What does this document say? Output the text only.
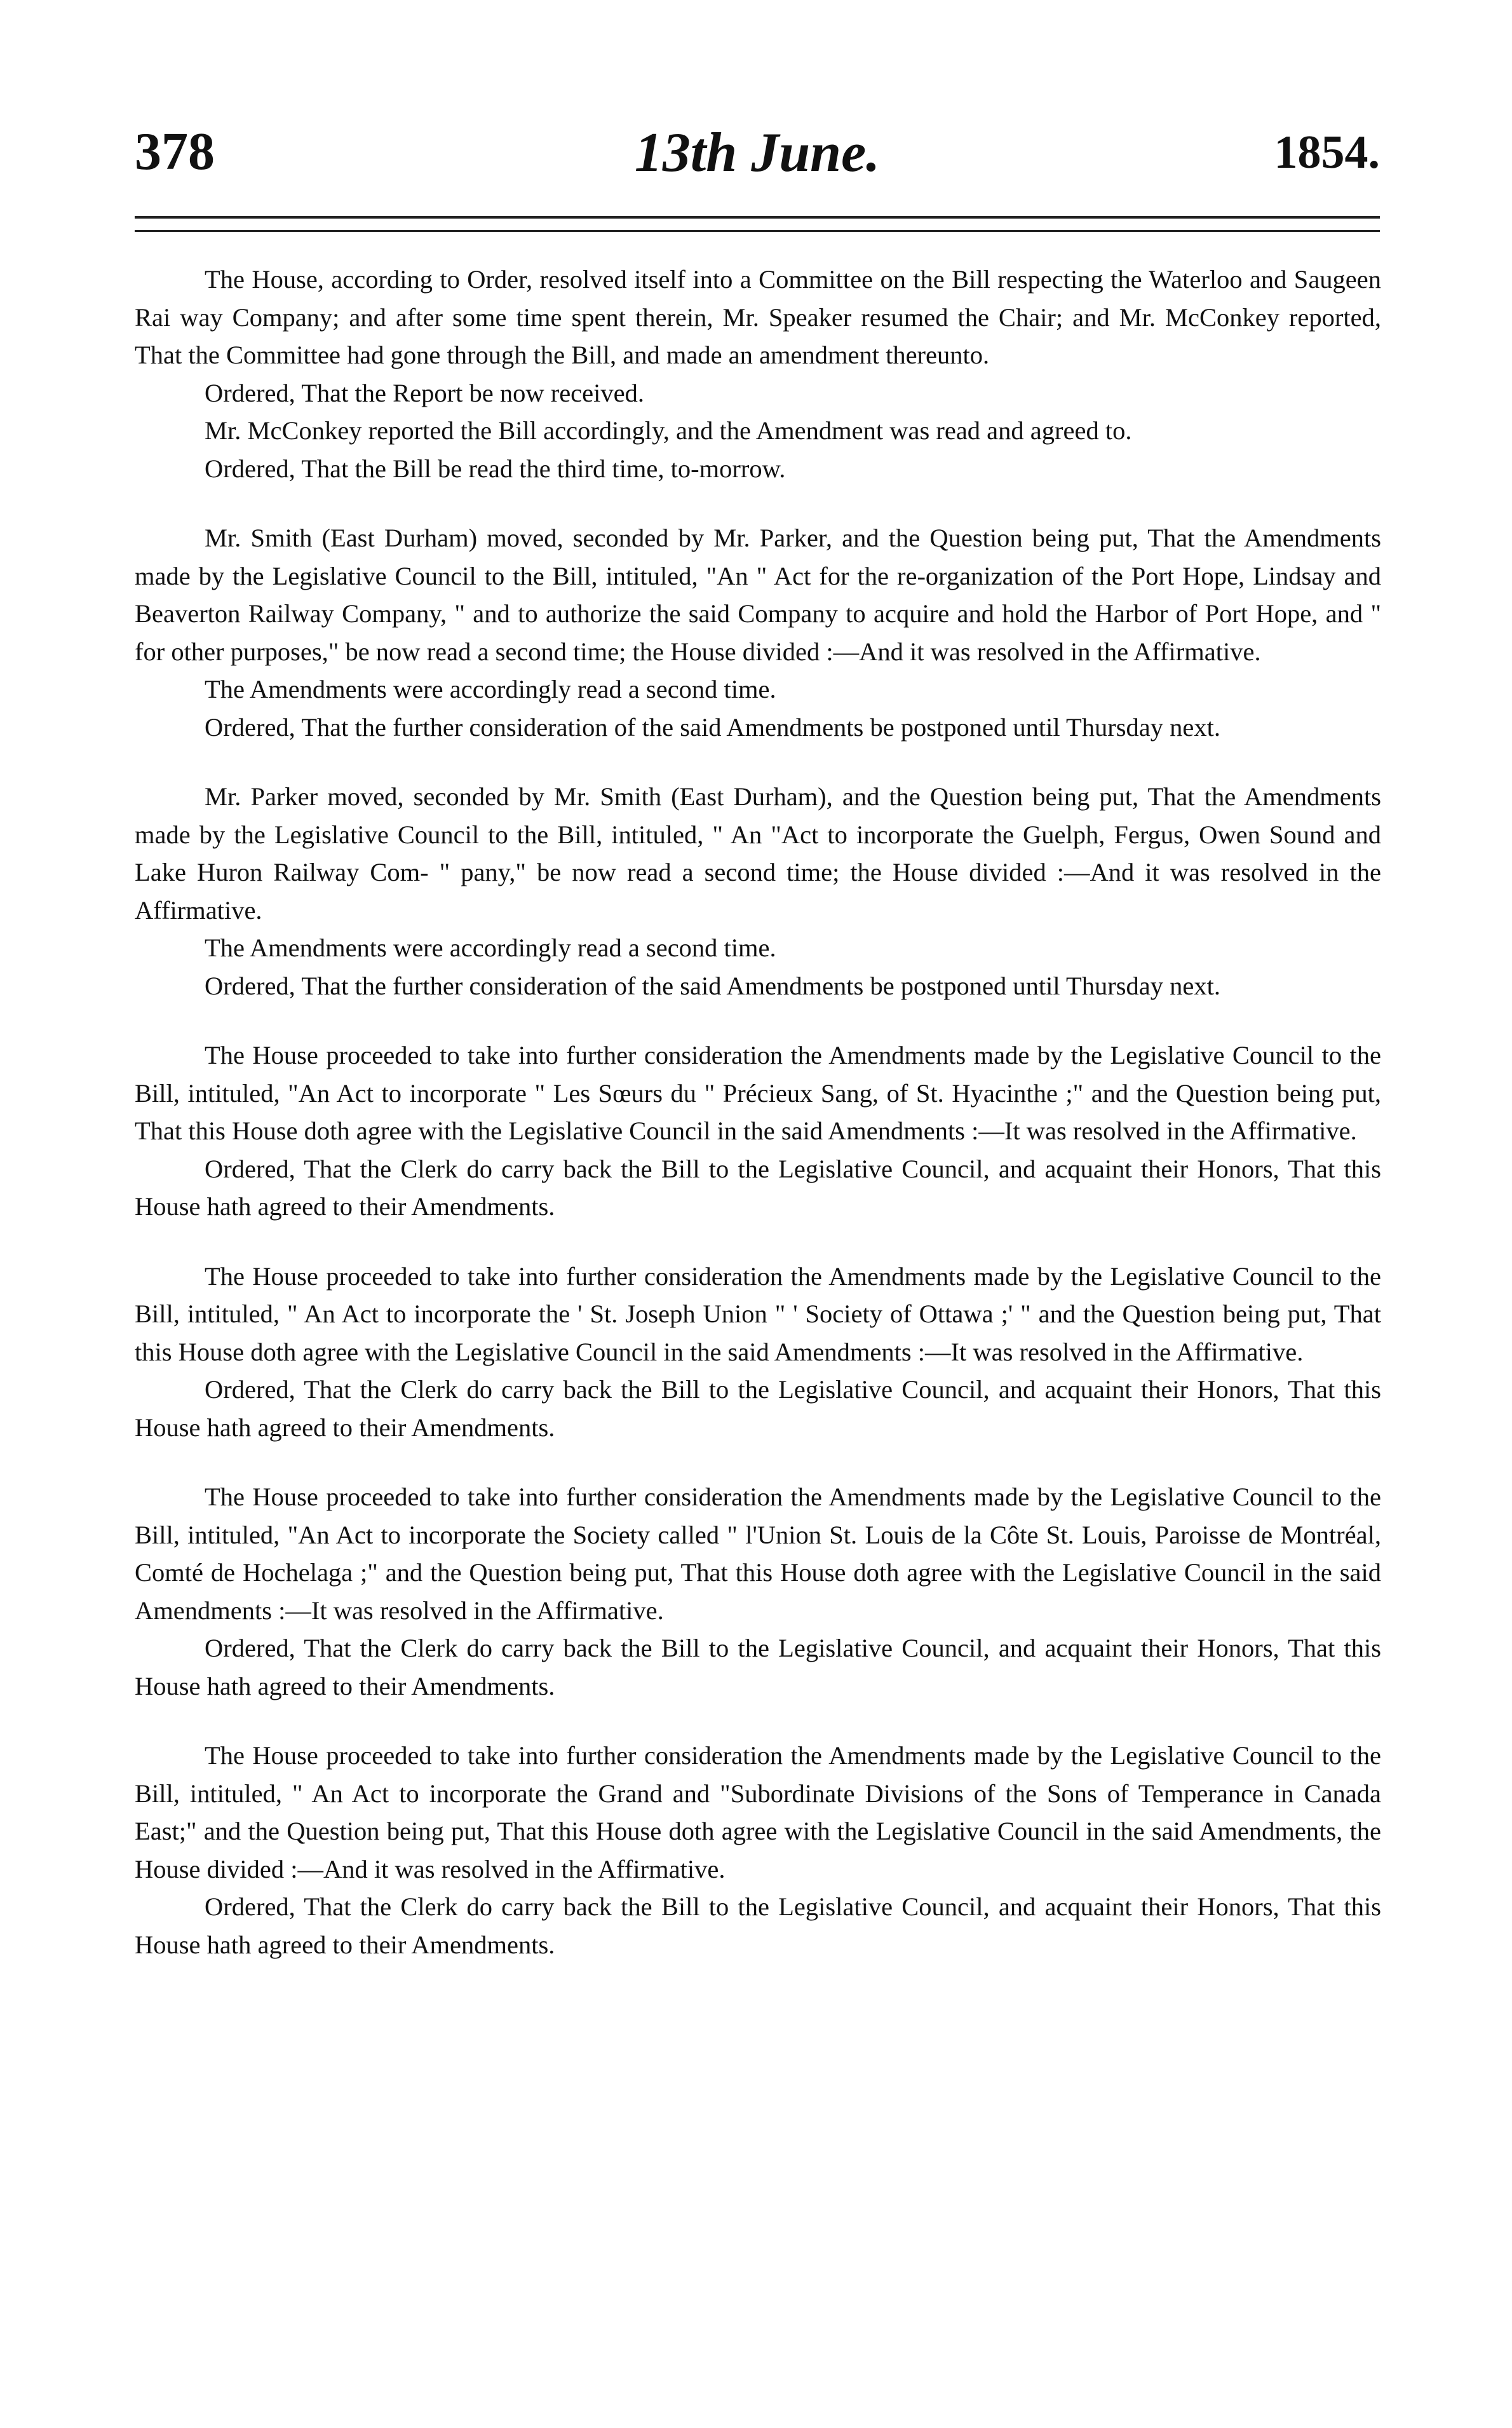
378	13th June.	1854.

The House, according to Order, resolved itself into a Committee on the Bill respecting the Waterloo and Saugeen Rai way Company; and after some time spent therein, Mr. Speaker resumed the Chair; and Mr. McConkey reported, That the Committee had gone through the Bill, and made an amendment thereunto.

Ordered, That the Report be now received.

Mr. McConkey reported the Bill accordingly, and the Amendment was read and agreed to.

Ordered, That the Bill be read the third time, to-morrow.

Mr. Smith (East Durham) moved, seconded by Mr. Parker, and the Question being put, That the Amendments made by the Legislative Council to the Bill, intituled, "An " Act for the re-organization of the Port Hope, Lindsay and Beaverton Railway Company, " and to authorize the said Company to acquire and hold the Harbor of Port Hope, and " for other purposes," be now read a second time; the House divided :—And it was resolved in the Affirmative.

The Amendments were accordingly read a second time.

Ordered, That the further consideration of the said Amendments be postponed until Thursday next.

Mr. Parker moved, seconded by Mr. Smith (East Durham), and the Question being put, That the Amendments made by the Legislative Council to the Bill, intituled, " An "Act to incorporate the Guelph, Fergus, Owen Sound and Lake Huron Railway Com- " pany," be now read a second time; the House divided :—And it was resolved in the Affirmative.

The Amendments were accordingly read a second time.

Ordered, That the further consideration of the said Amendments be postponed until Thursday next.

The House proceeded to take into further consideration the Amendments made by the Legislative Council to the Bill, intituled, "An Act to incorporate " Les Sœurs du " Précieux Sang, of St. Hyacinthe ;" and the Question being put, That this House doth agree with the Legislative Council in the said Amendments :—It was resolved in the Affirmative.

Ordered, That the Clerk do carry back the Bill to the Legislative Council, and acquaint their Honors, That this House hath agreed to their Amendments.

The House proceeded to take into further consideration the Amendments made by the Legislative Council to the Bill, intituled, " An Act to incorporate the ' St. Joseph Union " ' Society of Ottawa ;' " and the Question being put, That this House doth agree with the Legislative Council in the said Amendments :—It was resolved in the Affirmative.

Ordered, That the Clerk do carry back the Bill to the Legislative Council, and acquaint their Honors, That this House hath agreed to their Amendments.

The House proceeded to take into further consideration the Amendments made by the Legislative Council to the Bill, intituled, "An Act to incorporate the Society called " l'Union St. Louis de la Côte St. Louis, Paroisse de Montréal, Comté de Hochelaga ;" and the Question being put, That this House doth agree with the Legislative Council in the said Amendments :—It was resolved in the Affirmative.

Ordered, That the Clerk do carry back the Bill to the Legislative Council, and acquaint their Honors, That this House hath agreed to their Amendments.

The House proceeded to take into further consideration the Amendments made by the Legislative Council to the Bill, intituled, " An Act to incorporate the Grand and "Subordinate Divisions of the Sons of Temperance in Canada East;" and the Question being put, That this House doth agree with the Legislative Council in the said Amendments, the House divided :—And it was resolved in the Affirmative.

Ordered, That the Clerk do carry back the Bill to the Legislative Council, and acquaint their Honors, That this House hath agreed to their Amendments.
